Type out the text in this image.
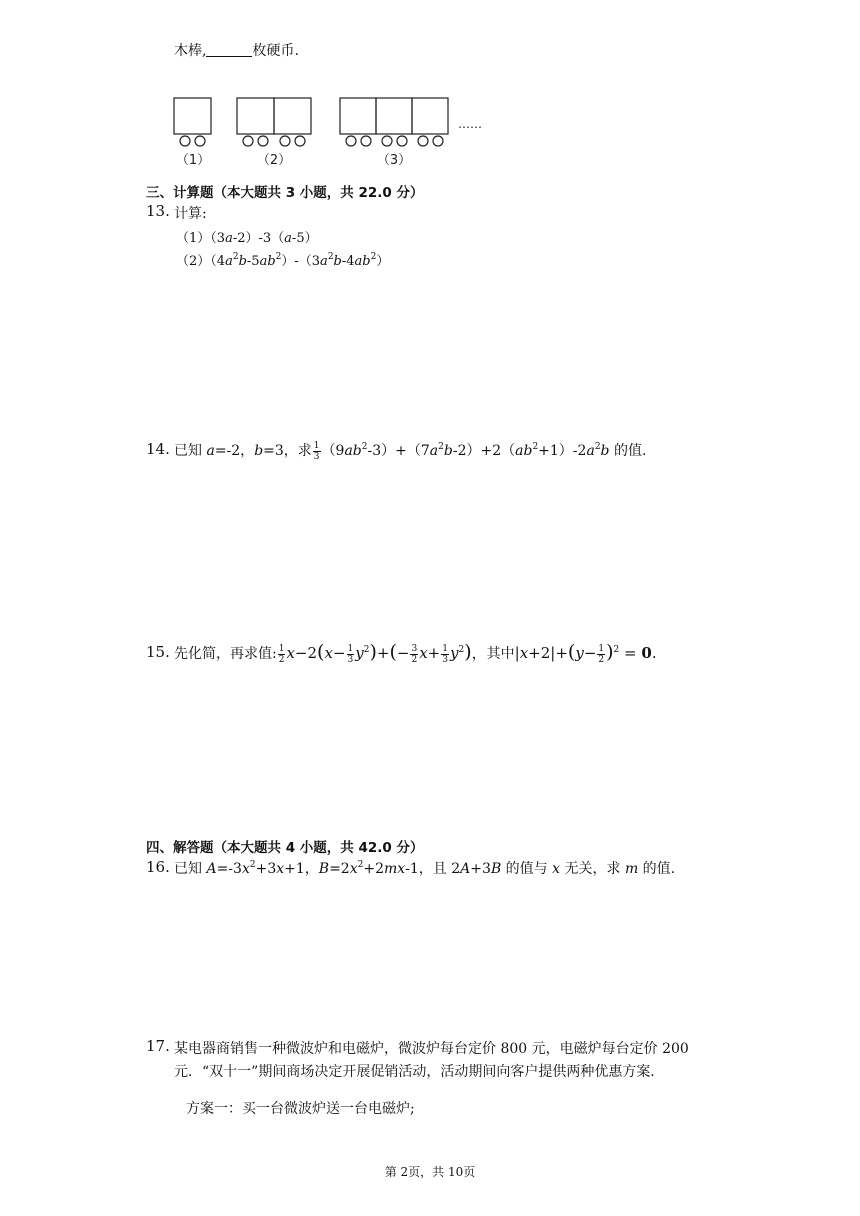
木棒,	枚硬币.
（1）	（2）	（3）
……
三、计算题（本大题共 3 小题，共 22.0 分）
13. 计算:
（1）（3a-2）-3（a-5）
$(2)(4a^2b-5ab^2)-(3a^2b-4ab^2)$
14. 已知 a=-2，b=3，求 $\frac{1}{3} (9ab^2-3)+(7a^2b-2)+2(ab^2+1)-2a^2b$ 的值.
15. 先化简，再求值: $\frac{1}{2} x-2(x- \frac{1}{3} y^2)+(- \frac{3}{2} x+ \frac{1}{3} y^2)$，其中$|x+2|+(y- \frac{1}{2} )^2 = 0$.
四、解答题（本大题共 4 小题，共 42.0 分）
16. 已知 $A=-3x^2+3x+1$，$B=2x^2+2mx-1$，且 2A+3B 的值与 x 无关，求 m 的值.
17. 某电器商销售一种微波炉和电磁炉，微波炉每台定价 800 元，电磁炉每台定价 200
元．“双十一”期间商场决定开展促销活动，活动期间向客户提供两种优惠方案.
方案一：买一台微波炉送一台电磁炉;
第 2页，共 10页
